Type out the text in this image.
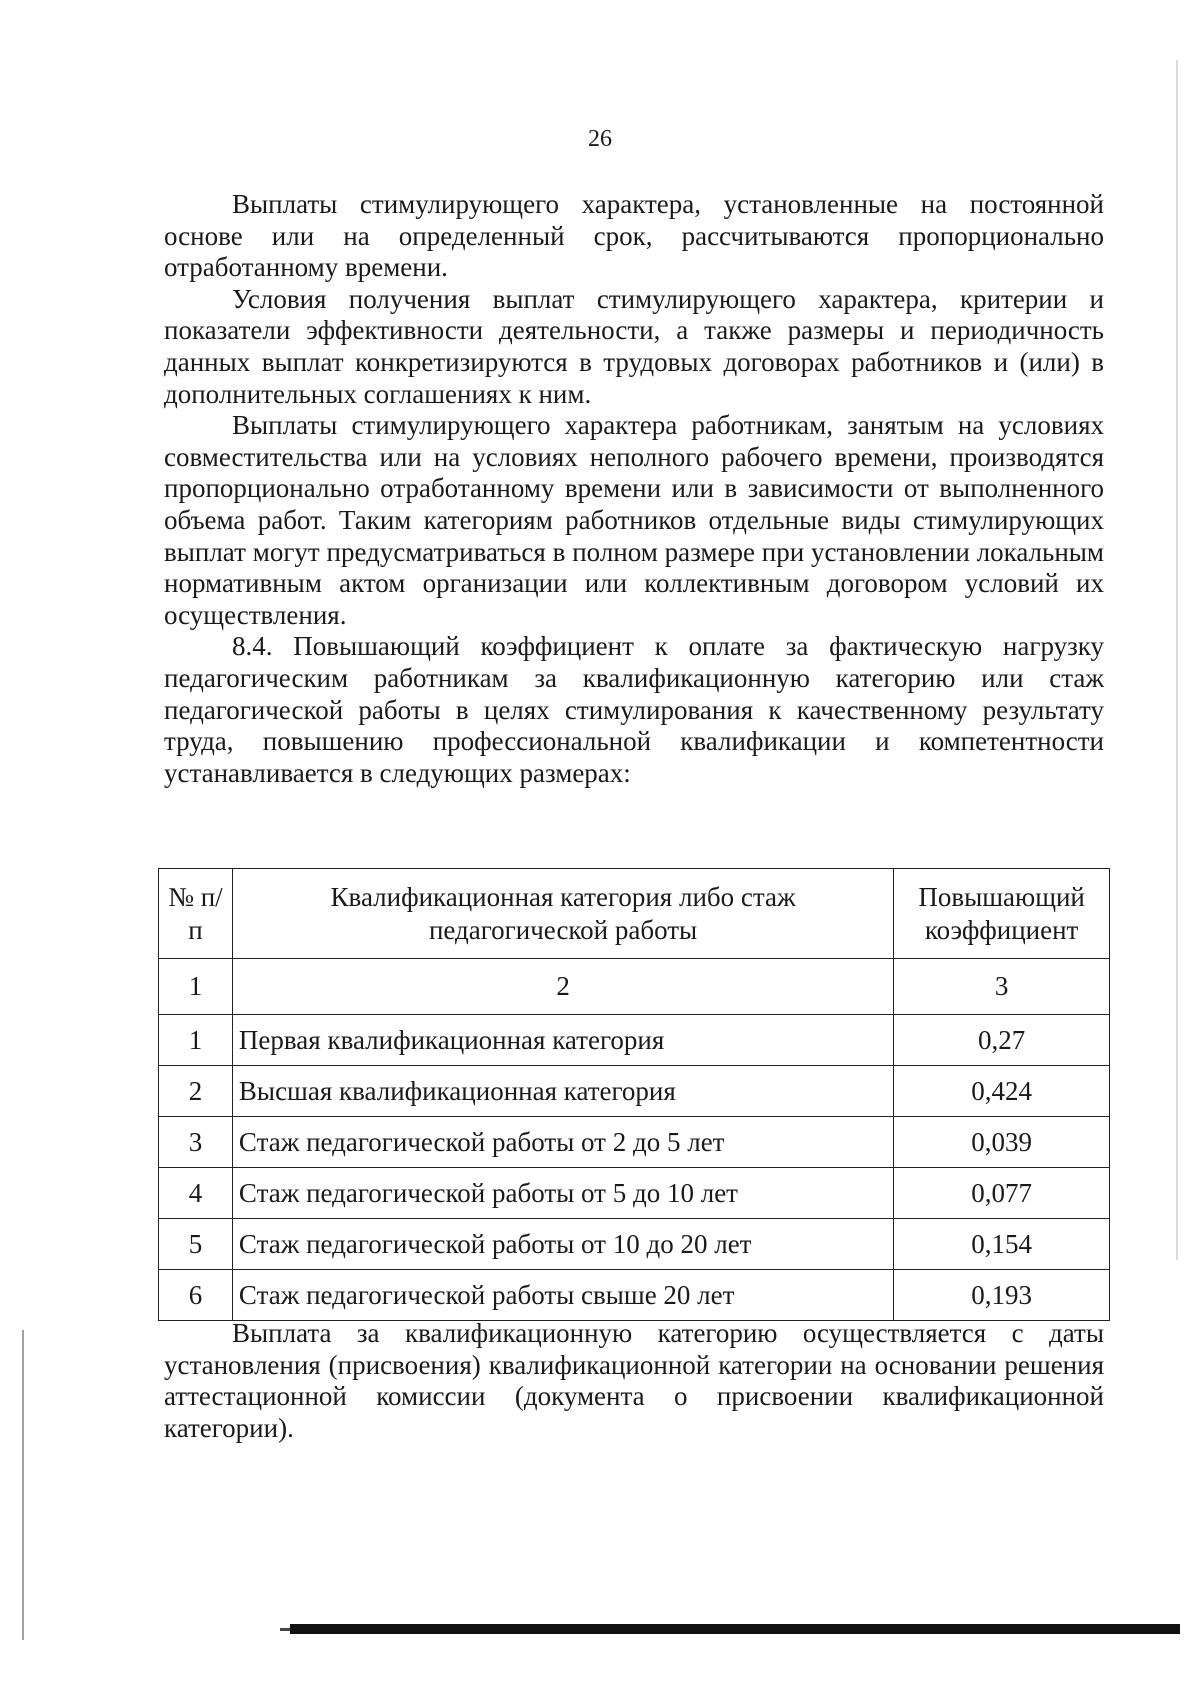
26

Выплаты стимулирующего характера, установленные на постоянной основе или на определенный срок, рассчитываются пропорционально отработанному времени.

Условия получения выплат стимулирующего характера, критерии и показатели эффективности деятельности, а также размеры и периодичность данных выплат конкретизируются в трудовых договорах работников и (или) в дополнительных соглашениях к ним.

Выплаты стимулирующего характера работникам, занятым на условиях совместительства или на условиях неполного рабочего времени, производятся пропорционально отработанному времени или в зависимости от выполненного объема работ. Таким категориям работников отдельные виды стимулирующих выплат могут предусматриваться в полном размере при установлении локальным нормативным актом организации или коллективным договором условий их осуществления.

8.4. Повышающий коэффициент к оплате за фактическую нагрузку педагогическим работникам за квалификационную категорию или стаж педагогической работы в целях стимулирования к качественному результату труда, повышению профессиональной квалификации и компетентности устанавливается в следующих размерах:

№ п/п	Квалификационная категория либо стаж педагогической работы	Повышающий коэффициент
1	2	3
1	Первая квалификационная категория	0,27
2	Высшая квалификационная категория	0,424
3	Стаж педагогической работы от 2 до 5 лет	0,039
4	Стаж педагогической работы от 5 до 10 лет	0,077
5	Стаж педагогической работы от 10 до 20 лет	0,154
6	Стаж педагогической работы свыше 20 лет	0,193

Выплата за квалификационную категорию осуществляется с даты установления (присвоения) квалификационной категории на основании решения аттестационной комиссии (документа о присвоении квалификационной категории).
